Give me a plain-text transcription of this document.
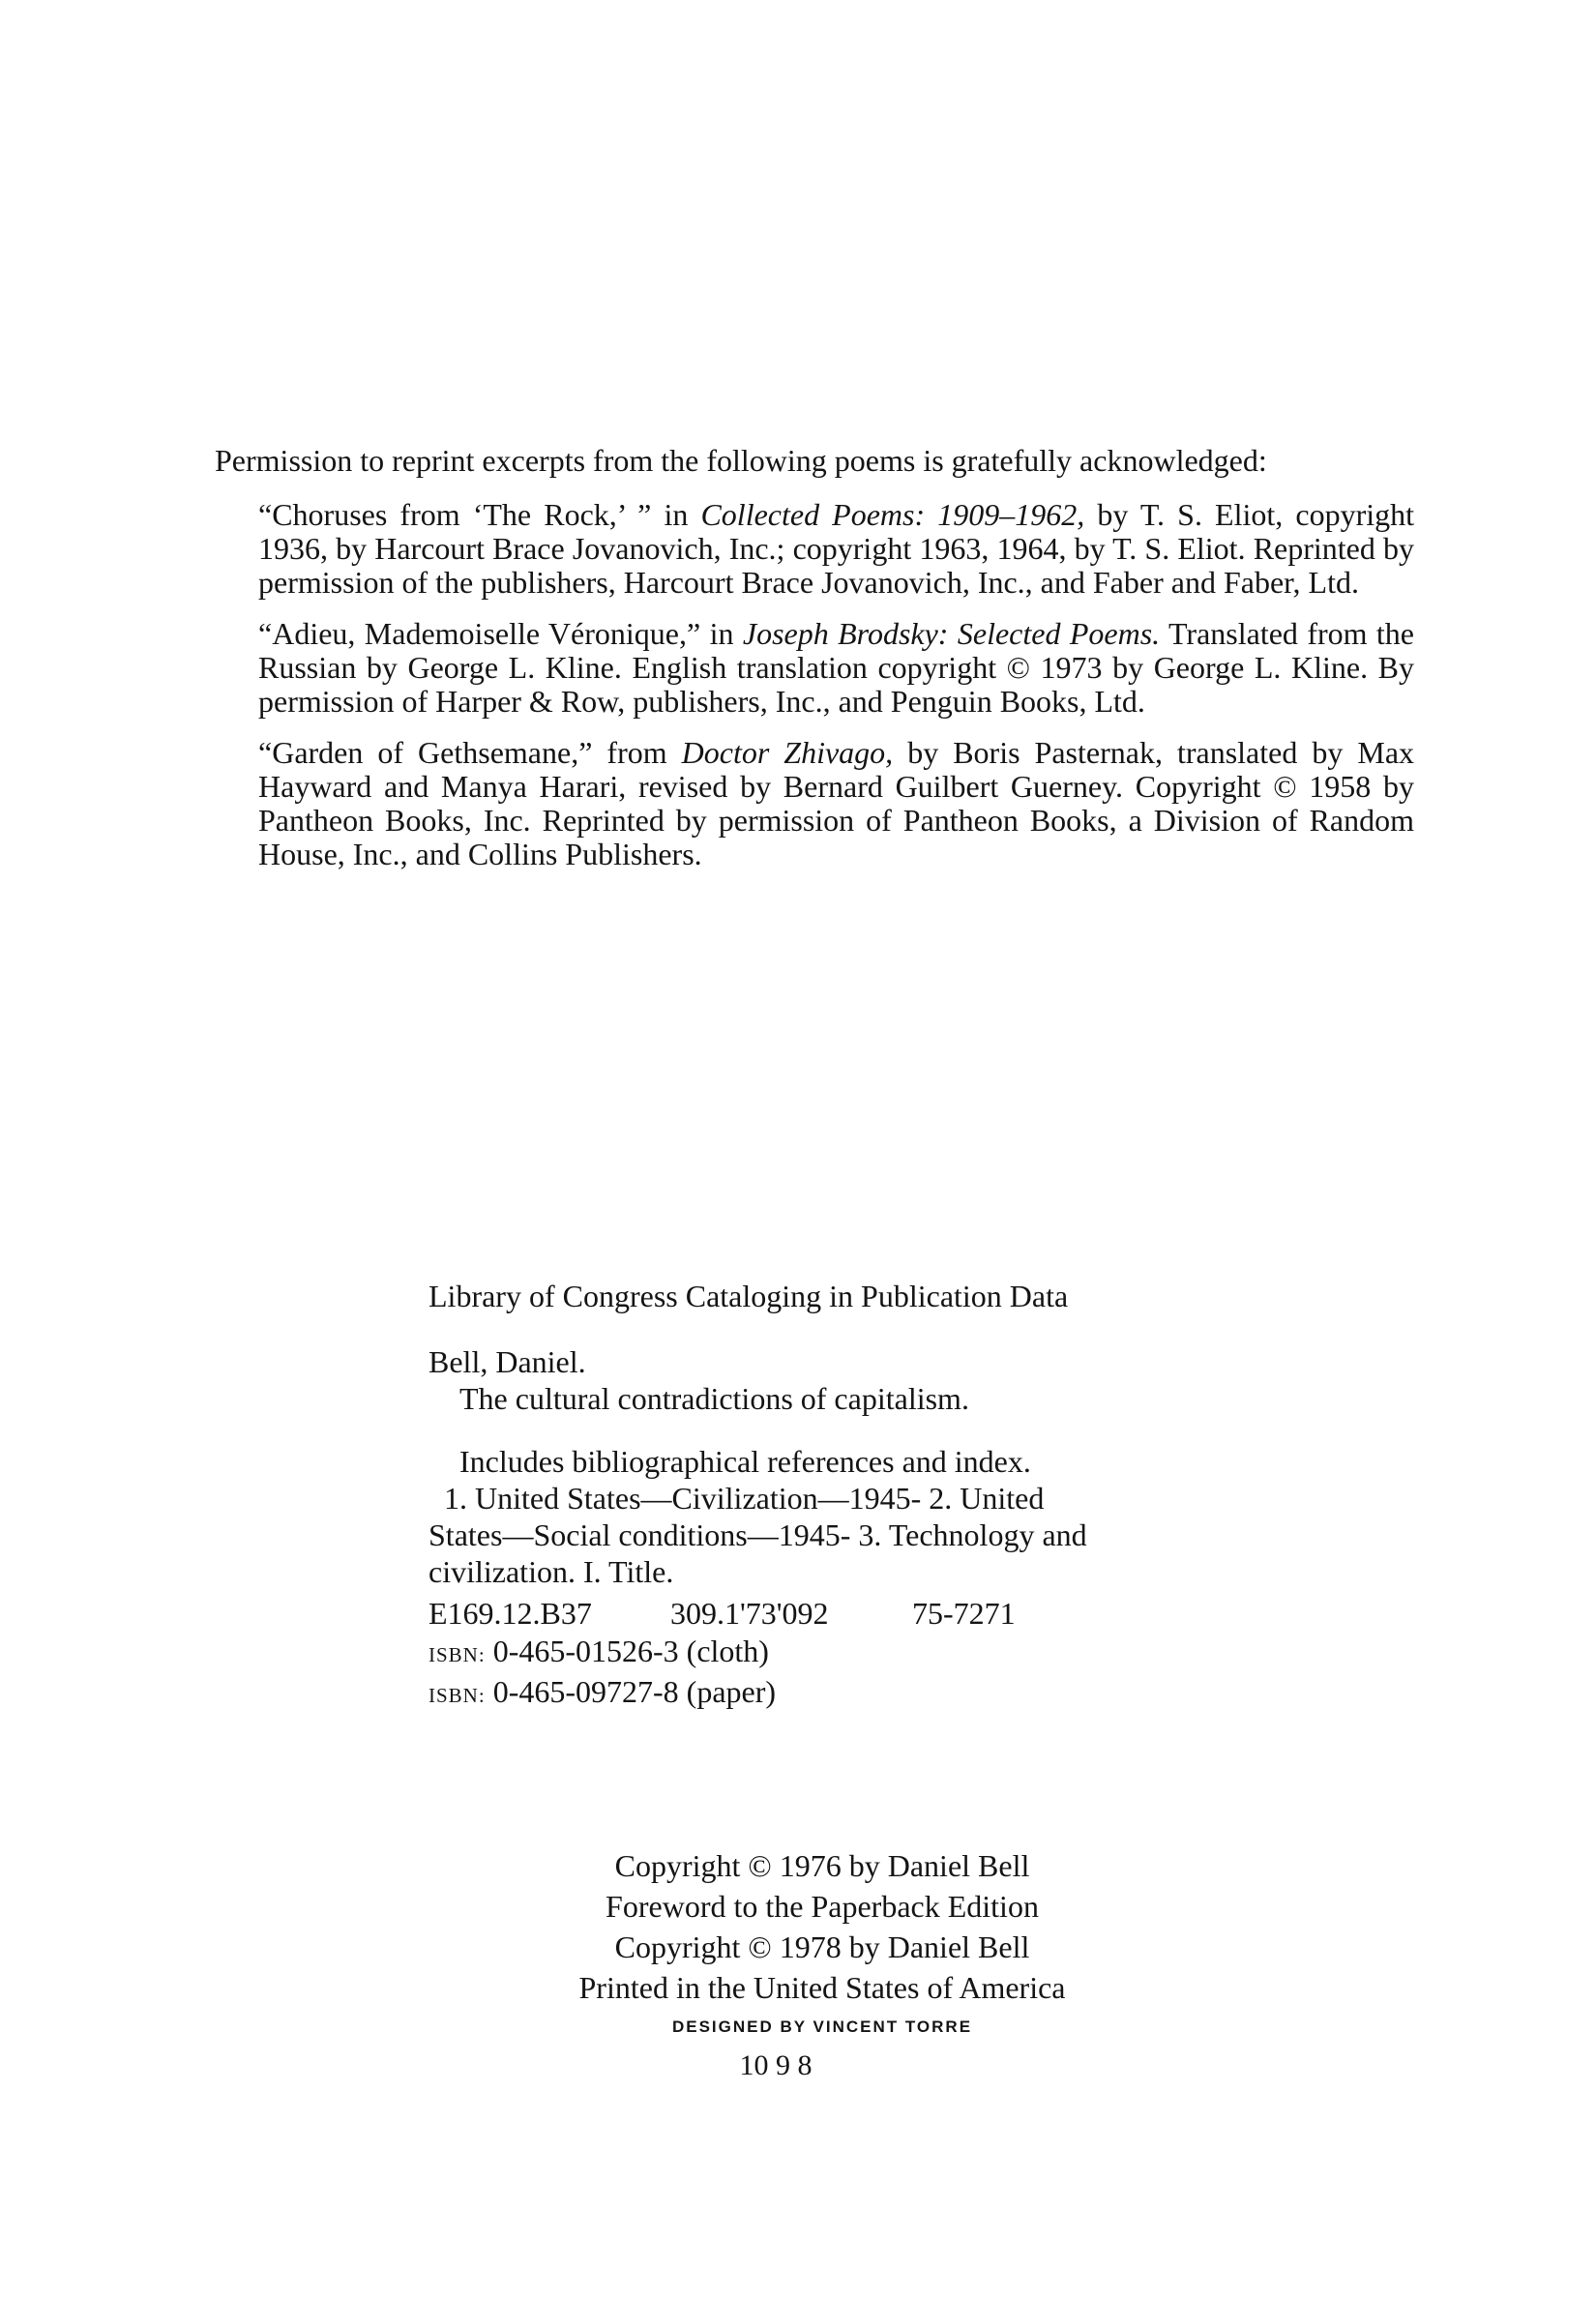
Permission to reprint excerpts from the following poems is gratefully acknowledged:

“Choruses from ‘The Rock,’ ” in Collected Poems: 1909–1962, by T. S. Eliot, copyright 1936, by Harcourt Brace Jovanovich, Inc.; copyright 1963, 1964, by T. S. Eliot. Reprinted by permission of the publishers, Harcourt Brace Jovanovich, Inc., and Faber and Faber, Ltd.

“Adieu, Mademoiselle Véronique,” in Joseph Brodsky: Selected Poems. Translated from the Russian by George L. Kline. English translation copyright © 1973 by George L. Kline. By permission of Harper & Row, publishers, Inc., and Penguin Books, Ltd.

“Garden of Gethsemane,” from Doctor Zhivago, by Boris Pasternak, translated by Max Hayward and Manya Harari, revised by Bernard Guilbert Guerney. Copyright © 1958 by Pantheon Books, Inc. Reprinted by permission of Pantheon Books, a Division of Random House, Inc., and Collins Publishers.

Library of Congress Cataloging in Publication Data

Bell, Daniel.

The cultural contradictions of capitalism.

Includes bibliographical references and index.

1. United States—Civilization—1945- 2. United

States—Social conditions—1945- 3. Technology and

civilization. I. Title.

E169.12.B37	309.1'73'092	75-7271

ISBN: 0-465-01526-3 (cloth)

ISBN: 0-465-09727-8 (paper)

Copyright © 1976 by Daniel Bell
Foreword to the Paperback Edition
Copyright © 1978 by Daniel Bell
Printed in the United States of America
DESIGNED BY VINCENT TORRE
10 9 8
